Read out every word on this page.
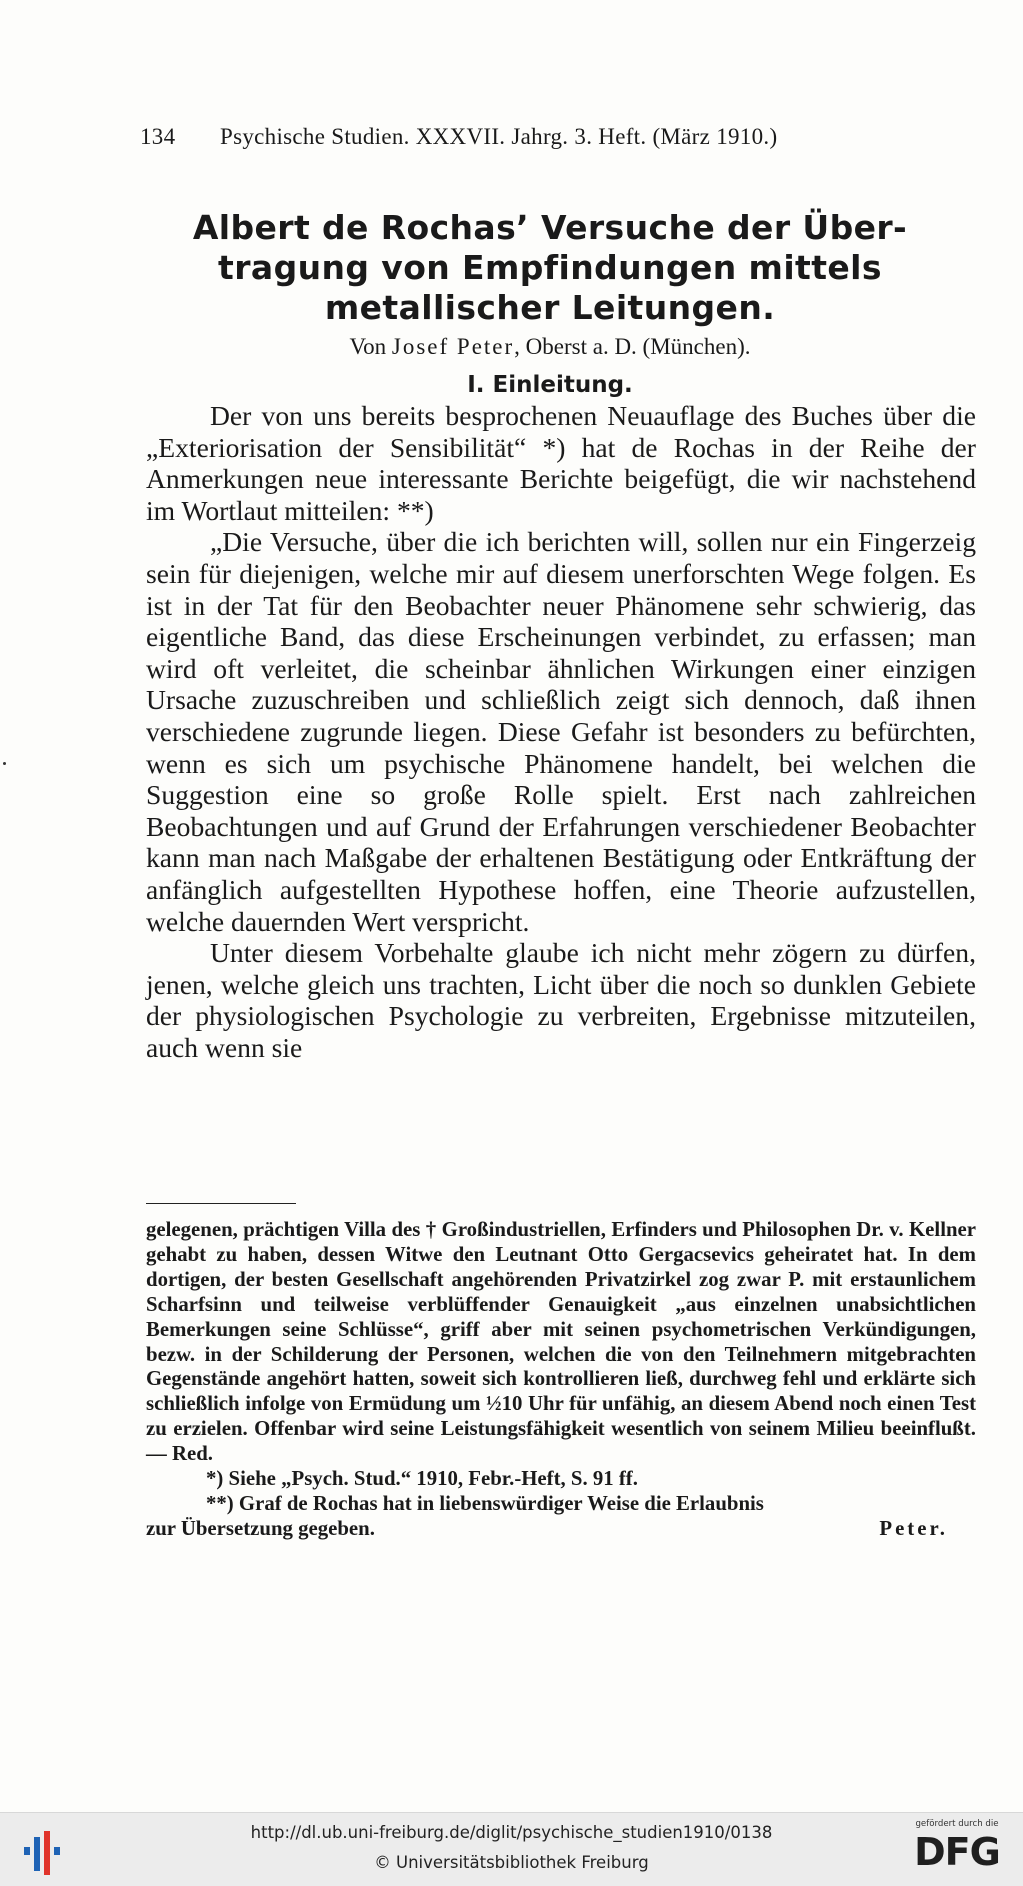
134	Psychische Studien. XXXVII. Jahrg. 3. Heft. (März 1910.)
Albert de Rochas’ Versuche der Über-
tragung von Empfindungen mittels
metallischer Leitungen.
Von Josef Peter, Oberst a. D. (München).
I. Einleitung.

Der von uns bereits besprochenen Neuauflage des Buches über die „Exteriorisation der Sensibilität“ *) hat de Rochas in der Reihe der Anmerkungen neue interessante Berichte beigefügt, die wir nachstehend im Wortlaut mitteilen: **)

„Die Versuche, über die ich berichten will, sollen nur ein Fingerzeig sein für diejenigen, welche mir auf diesem unerforschten Wege folgen. Es ist in der Tat für den Beobachter neuer Phänomene sehr schwierig, das eigentliche Band, das diese Erscheinungen verbindet, zu erfassen; man wird oft verleitet, die scheinbar ähnlichen Wirkungen einer einzigen Ursache zuzuschreiben und schließlich zeigt sich dennoch, daß ihnen verschiedene zugrunde liegen. Diese Gefahr ist besonders zu befürchten, wenn es sich um psychische Phänomene handelt, bei welchen die Suggestion eine so große Rolle spielt. Erst nach zahlreichen Beobachtungen und auf Grund der Erfahrungen verschiedener Beobachter kann man nach Maßgabe der erhaltenen Bestätigung oder Entkräftung der anfänglich aufgestellten Hypothese hoffen, eine Theorie aufzustellen, welche dauernden Wert verspricht.

Unter diesem Vorbehalte glaube ich nicht mehr zögern zu dürfen, jenen, welche gleich uns trachten, Licht über die noch so dunklen Gebiete der physiologischen Psychologie zu verbreiten, Ergebnisse mitzuteilen, auch wenn sie

gelegenen, prächtigen Villa des † Großindustriellen, Erfinders und Philosophen Dr. v. Kellner gehabt zu haben, dessen Witwe den Leutnant Otto Gergacsevics geheiratet hat. In dem dortigen, der besten Gesellschaft angehörenden Privatzirkel zog zwar P. mit erstaunlichem Scharfsinn und teilweise verblüffender Genauigkeit „aus einzelnen unabsichtlichen Bemerkungen seine Schlüsse“, griff aber mit seinen psychometrischen Verkündigungen, bezw. in der Schilderung der Personen, welchen die von den Teilnehmern mitgebrachten Gegenstände angehört hatten, soweit sich kontrollieren ließ, durchweg fehl und erklärte sich schließlich infolge von Ermüdung um ½10 Uhr für unfähig, an diesem Abend noch einen Test zu erzielen. Offenbar wird seine Leistungsfähigkeit wesentlich von seinem Milieu beeinflußt. — Red.

*) Siehe „Psych. Stud.“ 1910, Febr.-Heft, S. 91 ff.

**) Graf de Rochas hat in liebenswürdiger Weise die Erlaubnis

zur Übersetzung gegeben.	Peter.
http://dl.ub.uni-freiburg.de/diglit/psychische_studien1910/0138
© Universitätsbibliothek Freiburg
gefördert durch die
DFG
